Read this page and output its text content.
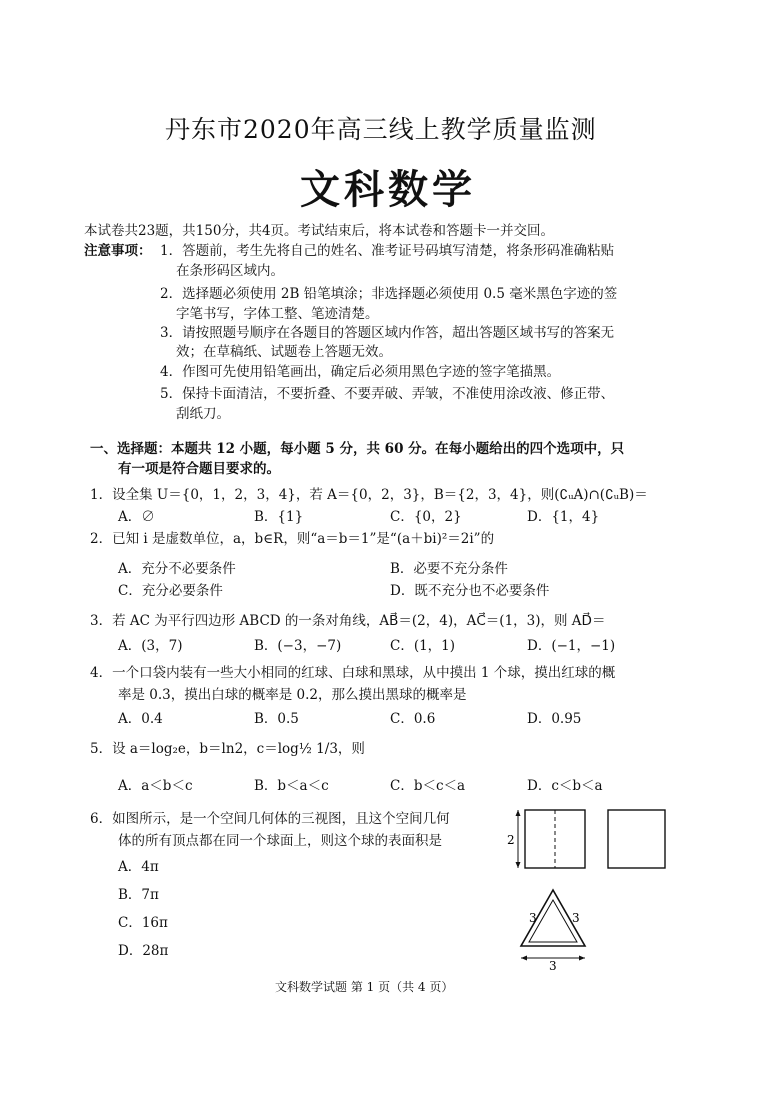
丹东市2020年高三线上教学质量监测
文科数学
本试卷共23题，共150分，共4页。考试结束后，将本试卷和答题卡一并交回。
注意事项： 1．答题前，考生先将自己的姓名、准考证号码填写清楚，将条形码准确粘贴
在条形码区域内。
2．选择题必须使用 2B 铅笔填涂；非选择题必须使用 0.5 毫米黑色字迹的签
字笔书写，字体工整、笔迹清楚。
3．请按照题号顺序在各题目的答题区域内作答，超出答题区域书写的答案无
效；在草稿纸、试题卷上答题无效。
4．作图可先使用铅笔画出，确定后必须用黑色字迹的签字笔描黑。
5．保持卡面清洁，不要折叠、不要弄破、弄皱，不准使用涂改液、修正带、
刮纸刀。
一、选择题：本题共 12 小题，每小题 5 分，共 60 分。在每小题给出的四个选项中，只
有一项是符合题目要求的。
1．设全集 U＝{0，1，2，3，4}，若 A＝{0，2，3}，B＝{2，3，4}，则(∁ᵤA)∩(∁ᵤB)＝
A．∅	B．{1}	C．{0，2}	D．{1，4}
2．已知 i 是虚数单位，a，b∈R，则“a＝b＝1”是“(a＋bi)²＝2i”的
A．充分不必要条件	B．必要不充分条件
C．充分必要条件	D．既不充分也不必要条件
3．若 AC 为平行四边形 ABCD 的一条对角线，AB⃗＝(2，4)，AC⃗＝(1，3)，则 AD⃗＝
A．(3，7)	B．(−3，−7)	C．(1，1)	D．(−1，−1)
4．一个口袋内装有一些大小相同的红球、白球和黑球，从中摸出 1 个球，摸出红球的概
率是 0.3，摸出白球的概率是 0.2，那么摸出黑球的概率是
A．0.4	B．0.5	C．0.6	D．0.95
5．设 a＝log₂e，b＝ln2，c＝log½ 1/3，则
A．a＜b＜c	B．b＜a＜c	C．b＜c＜a	D．c＜b＜a
6．如图所示，是一个空间几何体的三视图，且这个空间几何
体的所有顶点都在同一个球面上，则这个球的表面积是
A．4π
B．7π
C．16π
D．28π
2
3	3
3
文科数学试题 第 1 页（共 4 页）
